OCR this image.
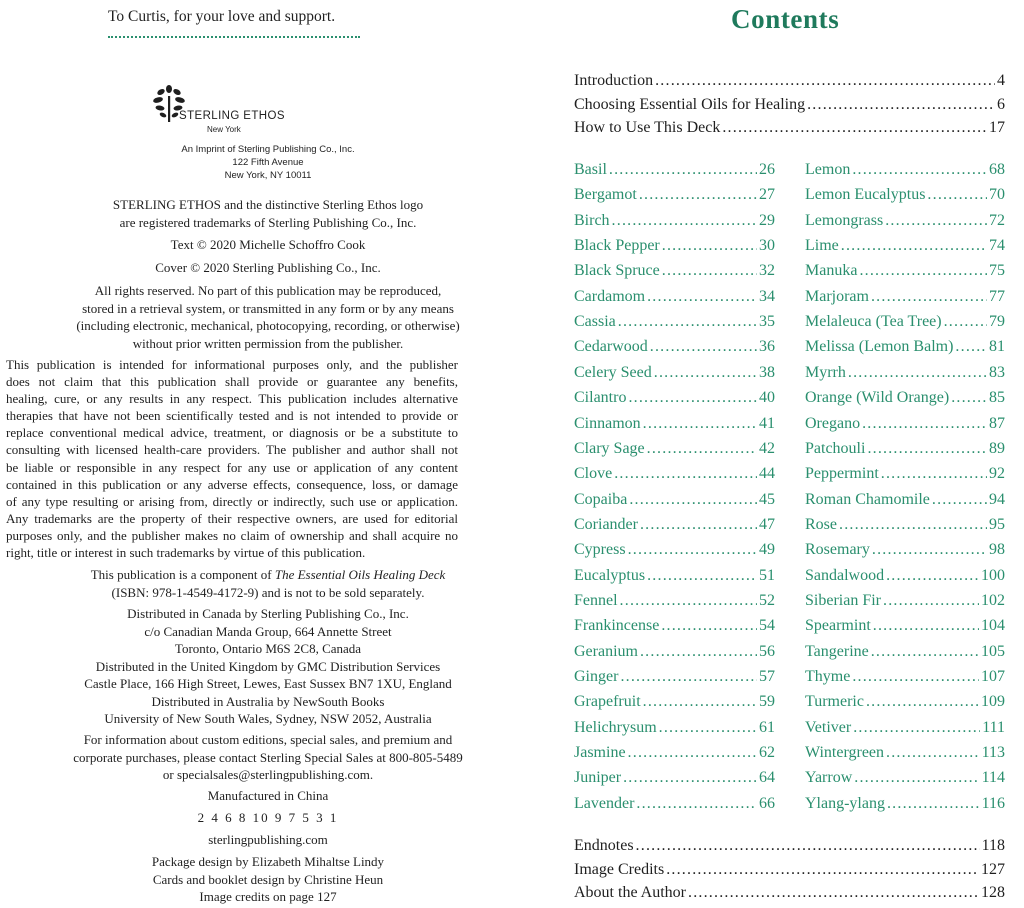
To Curtis, for your love and support.
STERLING ETHOS
New York
An Imprint of Sterling Publishing Co., Inc.
122 Fifth Avenue
New York, NY 10011
STERLING ETHOS and the distinctive Sterling Ethos logo
are registered trademarks of Sterling Publishing Co., Inc.
Text © 2020 Michelle Schoffro Cook
Cover © 2020 Sterling Publishing Co., Inc.
All rights reserved. No part of this publication may be reproduced,
stored in a retrieval system, or transmitted in any form or by any means
(including electronic, mechanical, photocopying, recording, or otherwise)
without prior written permission from the publisher.
This publication is intended for informational purposes only, and the publisher
does not claim that this publication shall provide or guarantee any benefits,
healing, cure, or any results in any respect. This publication includes alternative
therapies that have not been scientifically tested and is not intended to provide or
replace conventional medical advice, treatment, or diagnosis or be a substitute to
consulting with licensed health-care providers. The publisher and author shall not
be liable or responsible in any respect for any use or application of any content
contained in this publication or any adverse effects, consequence, loss, or damage
of any type resulting or arising from, directly or indirectly, such use or application.
Any trademarks are the property of their respective owners, are used for editorial
purposes only, and the publisher makes no claim of ownership and shall acquire no
right, title or interest in such trademarks by virtue of this publication.
This publication is a component of The Essential Oils Healing Deck
(ISBN: 978-1-4549-4172-9) and is not to be sold separately.
Distributed in Canada by Sterling Publishing Co., Inc.
c/o Canadian Manda Group, 664 Annette Street
Toronto, Ontario M6S 2C8, Canada
Distributed in the United Kingdom by GMC Distribution Services
Castle Place, 166 High Street, Lewes, East Sussex BN7 1XU, England
Distributed in Australia by NewSouth Books
University of New South Wales, Sydney, NSW 2052, Australia
For information about custom editions, special sales, and premium and
corporate purchases, please contact Sterling Special Sales at 800-805-5489
or specialsales@sterlingpublishing.com.
Manufactured in China
2 4 6 8 10 9 7 5 3 1
sterlingpublishing.com
Package design by Elizabeth Mihaltse Lindy
Cards and booklet design by Christine Heun
Image credits on page 127
Contents
Introduction .....	4
Choosing Essential Oils for Healing .....	6
How to Use This Deck .....	17
Basil .....	26
Bergamot .....	27
Birch .....	29
Black Pepper .....	30
Black Spruce .....	32
Cardamom .....	34
Cassia .....	35
Cedarwood .....	36
Celery Seed .....	38
Cilantro .....	40
Cinnamon .....	41
Clary Sage .....	42
Clove .....	44
Copaiba .....	45
Coriander .....	47
Cypress .....	49
Eucalyptus .....	51
Fennel .....	52
Frankincense .....	54
Geranium .....	56
Ginger .....	57
Grapefruit .....	59
Helichrysum .....	61
Jasmine .....	62
Juniper .....	64
Lavender .....	66
Lemon .....	68
Lemon Eucalyptus .....	70
Lemongrass .....	72
Lime .....	74
Manuka .....	75
Marjoram .....	77
Melaleuca (Tea Tree) .....	79
Melissa (Lemon Balm) ..... 81
Myrrh .....	83
Orange (Wild Orange) ..... 85
Oregano .....	87
Patchouli .....	89
Peppermint .....	92
Roman Chamomile .....	94
Rose .....	95
Rosemary .....	98
Sandalwood .....	100
Siberian Fir .....	102
Spearmint .....	104
Tangerine .....	105
Thyme .....	107
Turmeric .....	109
Vetiver .....	111
Wintergreen .....	113
Yarrow .....	114
Ylang-ylang .....	116
Endnotes .....	118
Image Credits .....	127
About the Author .....	128
